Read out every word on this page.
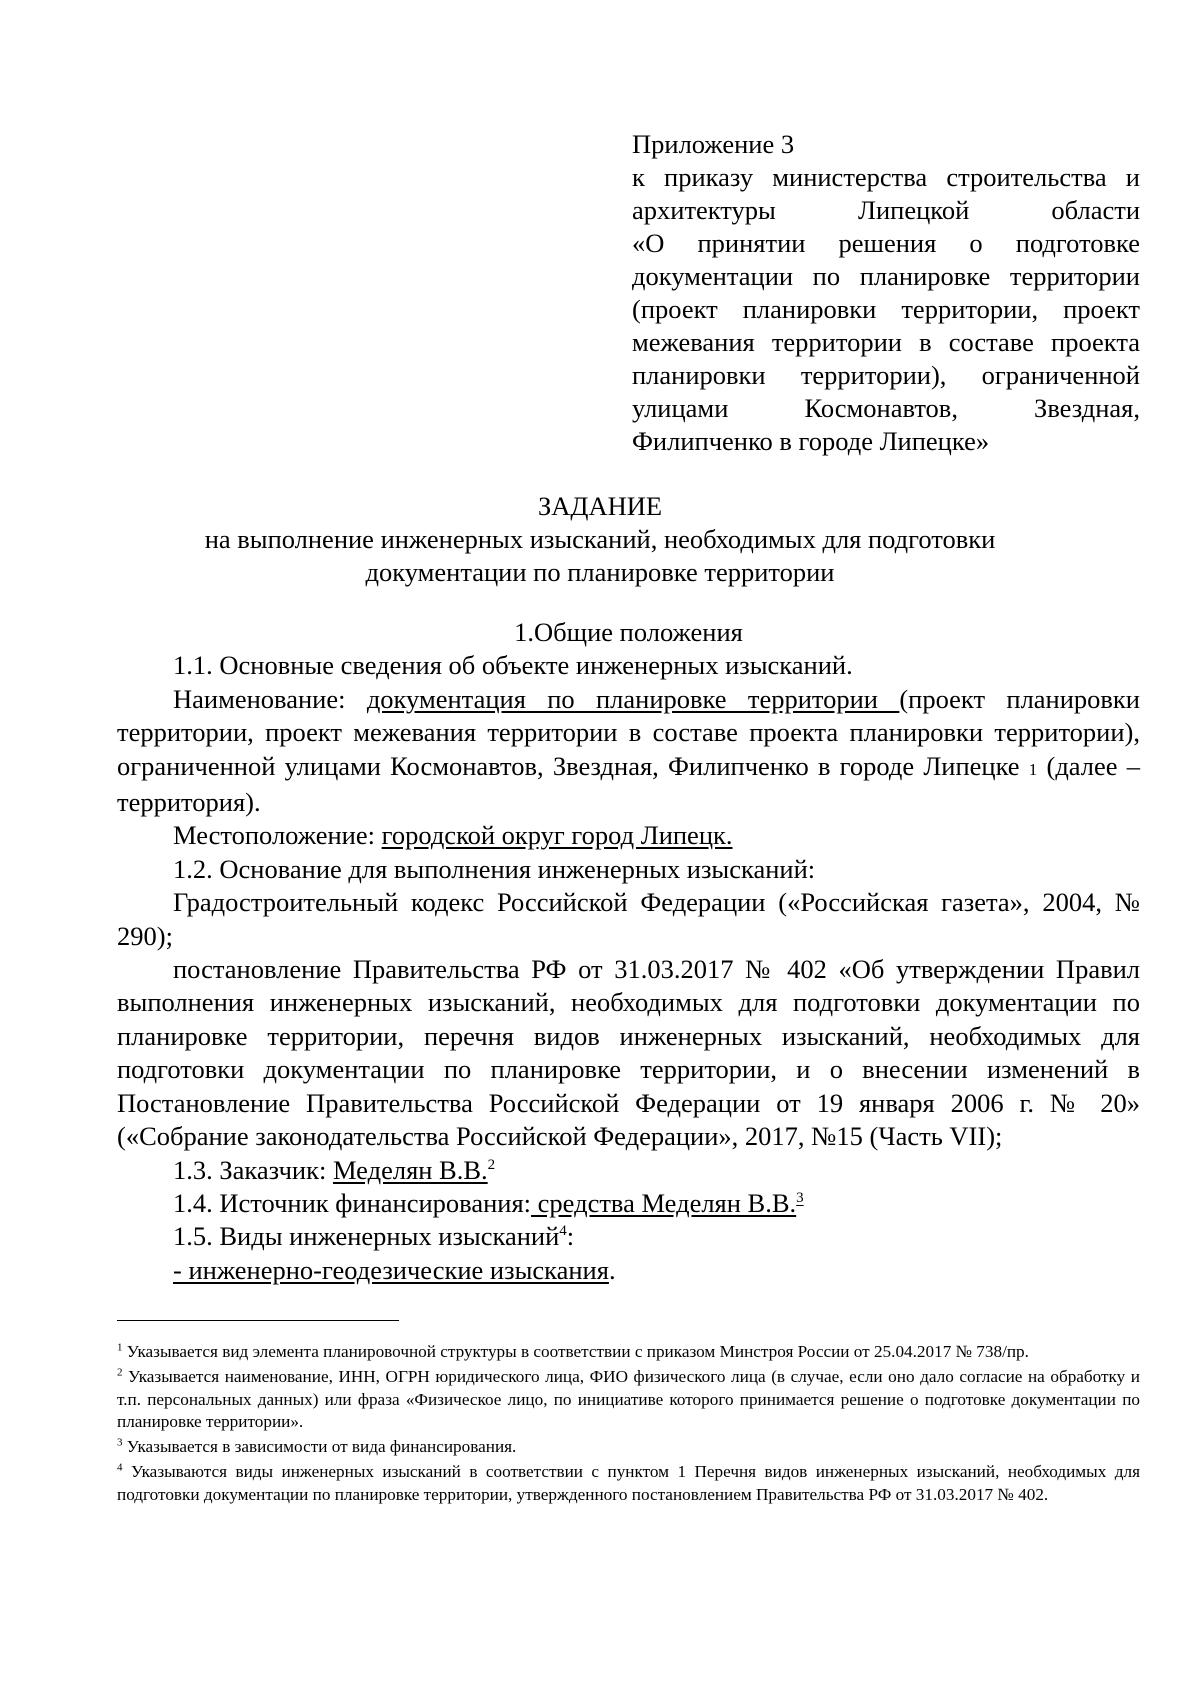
Приложение 3
к приказу министерства строительства и
архитектуры Липецкой области
«О принятии решения о подготовке
документации по планировке территории
(проект планировки территории, проект
межевания территории в составе проекта
планировки территории), ограниченной
улицами Космонавтов, Звездная,
Филипченко в городе Липецке»
ЗАДАНИЕ
на выполнение инженерных изысканий, необходимых для подготовки
документации по планировке территории

1.Общие положения

1.1. Основные сведения об объекте инженерных изысканий.

Наименование: документация по планировке территории (проект планировки территории, проект межевания территории в составе проекта планировки территории), ограниченной улицами Космонавтов, Звездная, Филипченко в городе Липецке 1 (далее – территория).

Местоположение: городской округ город Липецк.

1.2. Основание для выполнения инженерных изысканий:

Градостроительный кодекс Российской Федерации («Российская газета», 2004, № 290);

постановление Правительства РФ от 31.03.2017 № 402 «Об утверждении Правил выполнения инженерных изысканий, необходимых для подготовки документации по планировке территории, перечня видов инженерных изысканий, необходимых для подготовки документации по планировке территории, и о внесении изменений в Постановление Правительства Российской Федерации от 19 января 2006 г. № 20» («Собрание законодательства Российской Федерации», 2017, №15 (Часть VII);

1.3. Заказчик: Меделян В.В.$^2$

1.4. Источник финансирования: средства Меделян В.В.$^3$

1.5. Виды инженерных изысканий$^4$:

- инженерно-геодезические изыскания.

$^1$ Указывается вид элемента планировочной структуры в соответствии с приказом Минстроя России от 25.04.2017 № 738/пр.

$^2$ Указывается наименование, ИНН, ОГРН юридического лица, ФИО физического лица (в случае, если оно дало согласие на обработку и т.п. персональных данных) или фраза «Физическое лицо, по инициативе которого принимается решение о подготовке документации по планировке территории».

$^3$ Указывается в зависимости от вида финансирования.

$^4$ Указываются виды инженерных изысканий в соответствии с пунктом 1 Перечня видов инженерных изысканий, необходимых для подготовки документации по планировке территории, утвержденного постановлением Правительства РФ от 31.03.2017 № 402.
